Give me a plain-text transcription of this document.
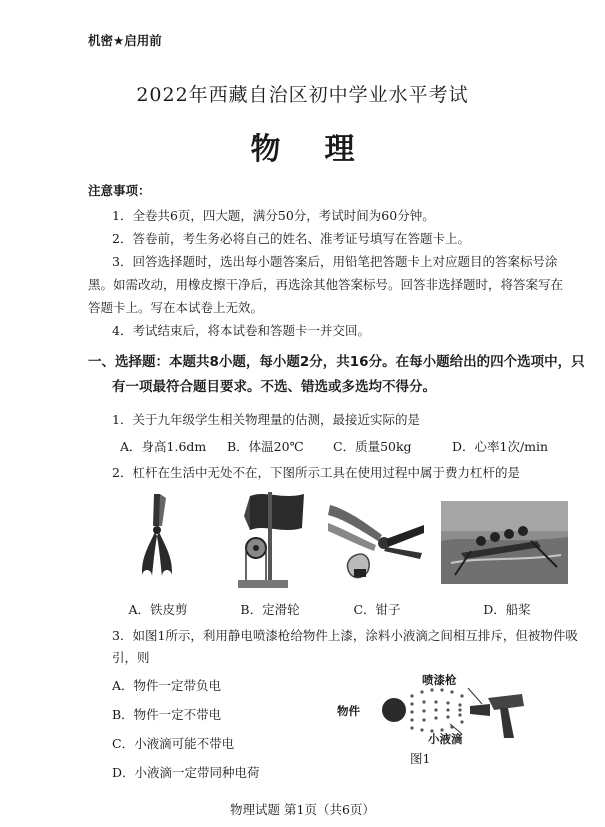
机密★启用前
2022年西藏自治区初中学业水平考试
物理
注意事项：
1．全卷共6页，四大题，满分50分，考试时间为60分钟。
2．答卷前，考生务必将自己的姓名、准考证号填写在答题卡上。
3．回答选择题时，选出每小题答案后，用铅笔把答题卡上对应题目的答案标号涂
黑。如需改动，用橡皮擦干净后，再选涂其他答案标号。回答非选择题时，将答案写在
答题卡上。写在本试卷上无效。
4．考试结束后，将本试卷和答题卡一并交回。
一、选择题：本题共8小题，每小题2分，共16分。在每小题给出的四个选项中，只
有一项最符合题目要求。不选、错选或多选均不得分。
1．关于九年级学生相关物理量的估测，最接近实际的是
A．身高1.6dm B．体温20℃ C．质量50kg	D．心率1次/min
2．杠杆在生活中无处不在，下图所示工具在使用过程中属于费力杠杆的是
A．铁皮剪	B．定滑轮	C．钳子	D．船桨
3．如图1所示，利用静电喷漆枪给物件上漆，涂料小液滴之间相互排斥，但被物件吸
引，则
A．物件一定带负电
B．物件一定不带电
C．小液滴可能不带电
D．小液滴一定带同种电荷
喷漆枪
物件
小液滴
图1
物理试题 第1页（共6页）
